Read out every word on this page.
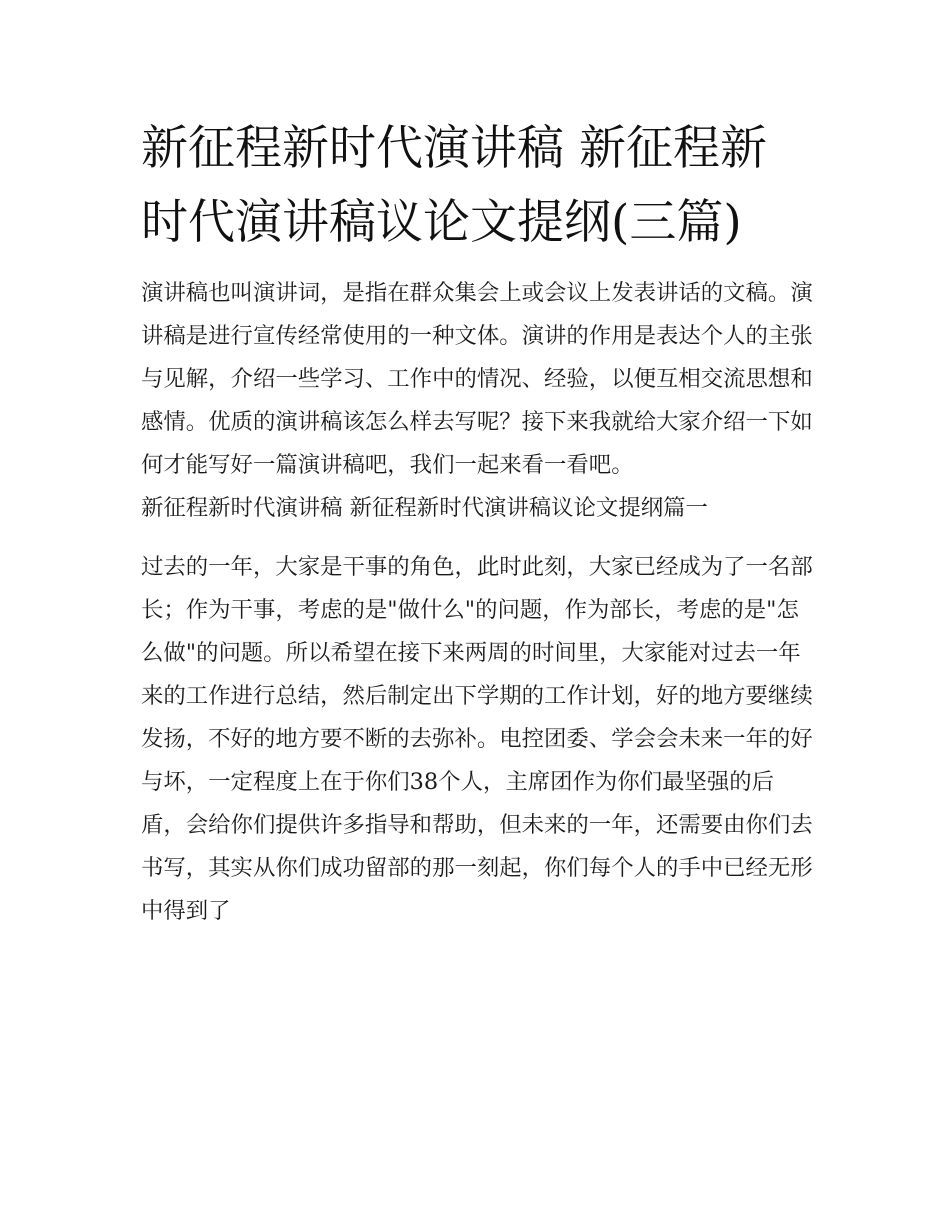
新征程新时代演讲稿 新征程新时代演讲稿议论文提纲(三篇)

演讲稿也叫演讲词，是指在群众集会上或会议上发表讲话的文稿。演讲稿是进行宣传经常使用的一种文体。演讲的作用是表达个人的主张与见解，介绍一些学习、工作中的情况、经验，以便互相交流思想和感情。优质的演讲稿该怎么样去写呢？接下来我就给大家介绍一下如何才能写好一篇演讲稿吧，我们一起来看一看吧。

新征程新时代演讲稿 新征程新时代演讲稿议论文提纲篇一

过去的一年，大家是干事的角色，此时此刻，大家已经成为了一名部长；作为干事，考虑的是"做什么"的问题，作为部长，考虑的是"怎么做"的问题。所以希望在接下来两周的时间里，大家能对过去一年来的工作进行总结，然后制定出下学期的工作计划，好的地方要继续发扬，不好的地方要不断的去弥补。电控团委、学会会未来一年的好与坏，一定程度上在于你们38个人，主席团作为你们最坚强的后盾，会给你们提供许多指导和帮助，但未来的一年，还需要由你们去书写，其实从你们成功留部的那一刻起，你们每个人的手中已经无形中得到了
